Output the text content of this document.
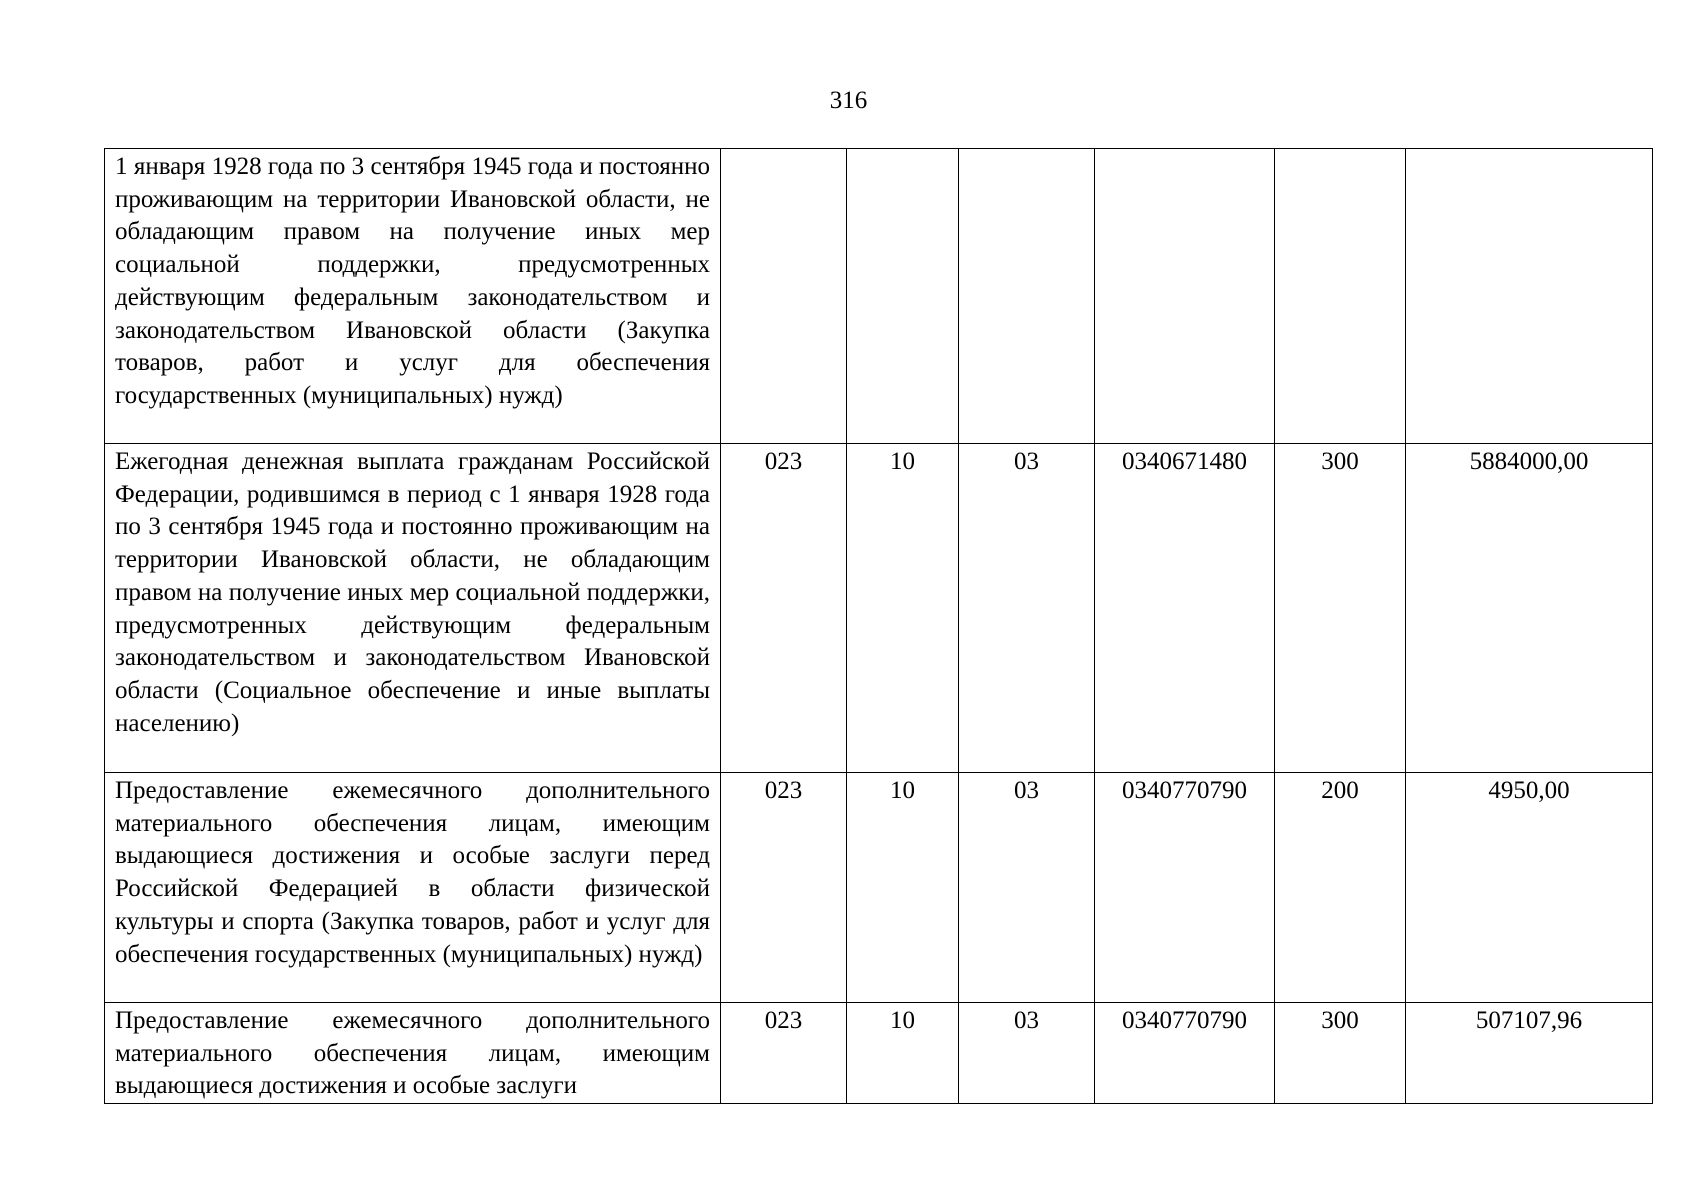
316
1 января 1928 года по 3 сентября 1945 года и постоянно проживающим на территории Ивановской области, не обладающим правом на получение иных мер социальной поддержки, предусмотренных действующим федеральным законодательством и законодательством Ивановской области (Закупка товаров, работ и услуг для обеспечения государственных (муниципальных) нужд)						
Ежегодная денежная выплата гражданам Российской Федерации, родившимся в период с 1 января 1928 года по 3 сентября 1945 года и постоянно проживающим на территории Ивановской области, не обладающим правом на получение иных мер социальной поддержки, предусмотренных действующим федеральным законодательством и законодательством Ивановской области (Социальное обеспечение и иные выплаты населению)	023	10	03	0340671480	300	5884000,00
Предоставление ежемесячного дополнительного материального обеспечения лицам, имеющим выдающиеся достижения и особые заслуги перед Российской Федерацией в области физической культуры и спорта (Закупка товаров, работ и услуг для обеспечения государственных (муниципальных) нужд)	023	10	03	0340770790	200	4950,00
Предоставление ежемесячного дополнительного материального обеспечения лицам, имеющим выдающиеся достижения и особые заслуги	023	10	03	0340770790	300	507107,96
